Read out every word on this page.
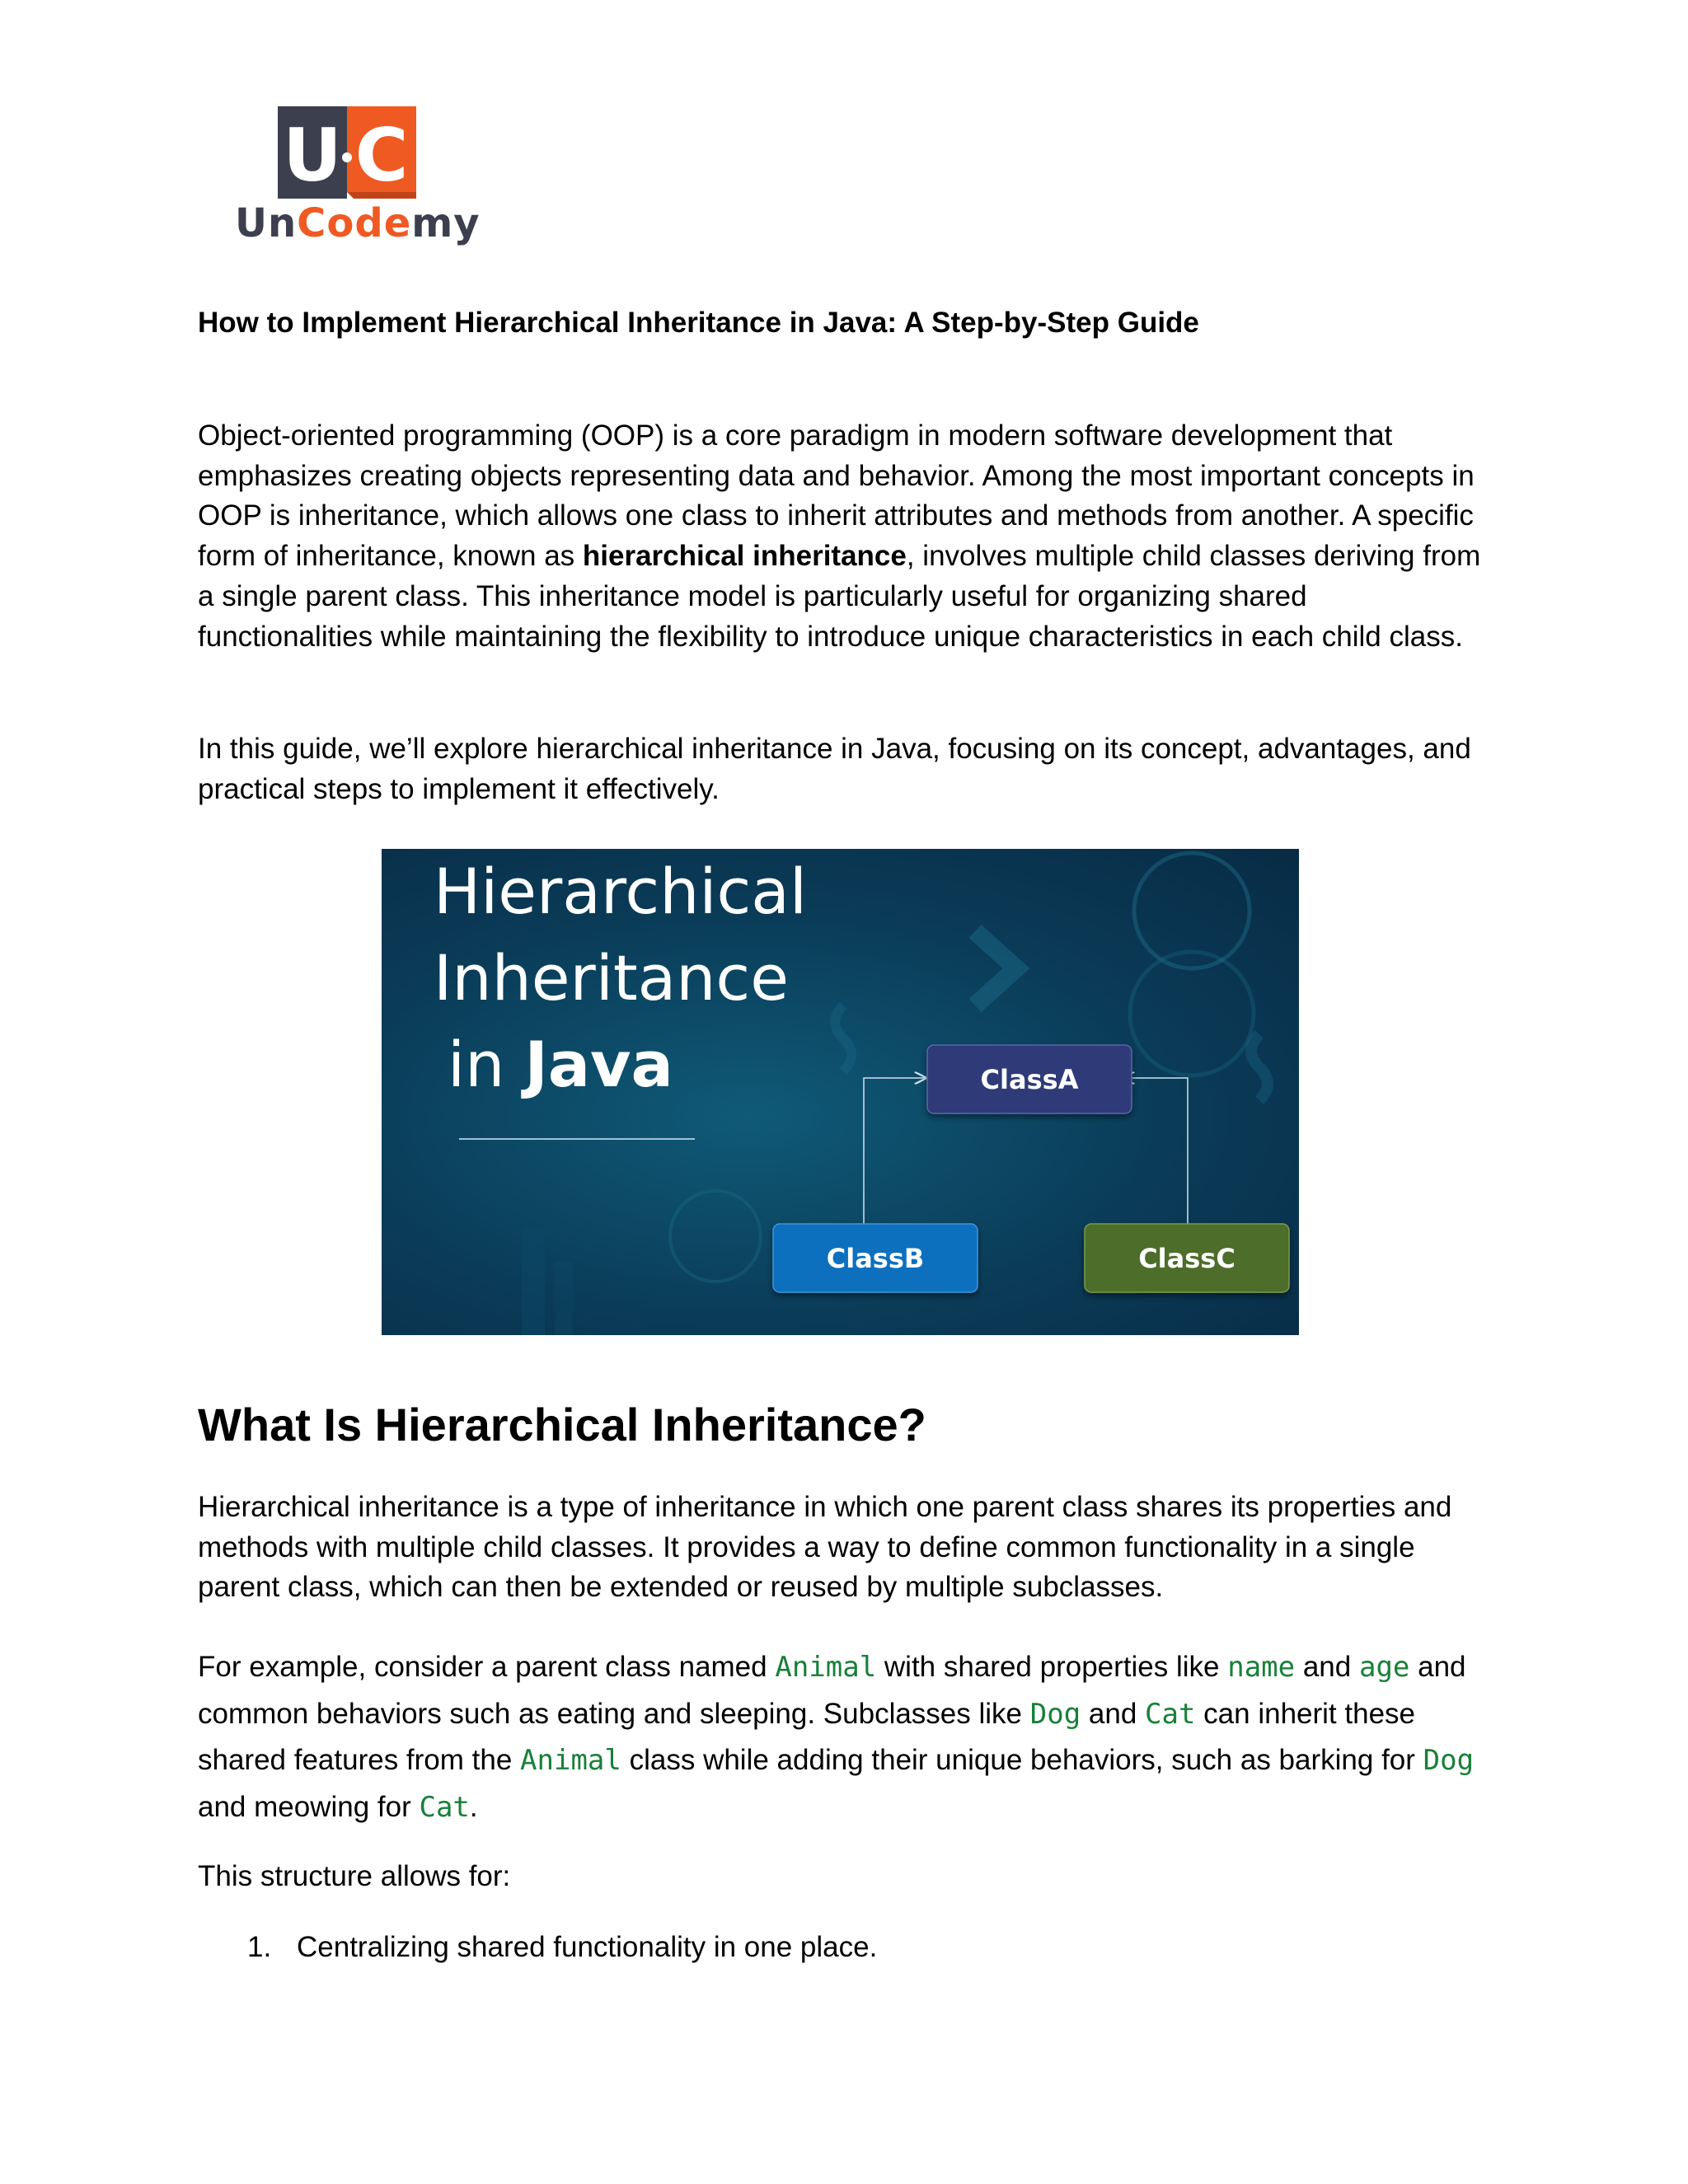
U C
UnCodemy
How to Implement Hierarchical Inheritance in Java: A Step-by-Step Guide

Object-oriented programming (OOP) is a core paradigm in modern software development that emphasizes creating objects representing data and behavior. Among the most important concepts in OOP is inheritance, which allows one class to inherit attributes and methods from another. A specific form of inheritance, known as hierarchical inheritance, involves multiple child classes deriving from a single parent class. This inheritance model is particularly useful for organizing shared functionalities while maintaining the flexibility to introduce unique characteristics in each child class.

In this guide, we’ll explore hierarchical inheritance in Java, focusing on its concept, advantages, and practical steps to implement it effectively.

Hierarchical
Inheritance
in Java	ClassA
ClassB	ClassC
What Is Hierarchical Inheritance?

Hierarchical inheritance is a type of inheritance in which one parent class shares its properties and methods with multiple child classes. It provides a way to define common functionality in a single parent class, which can then be extended or reused by multiple subclasses.

For example, consider a parent class named Animal with shared properties like name and age and common behaviors such as eating and sleeping. Subclasses like Dog and Cat can inherit these shared features from the Animal class while adding their unique behaviors, such as barking for Dog and meowing for Cat.

This structure allows for:

1. Centralizing shared functionality in one place.
